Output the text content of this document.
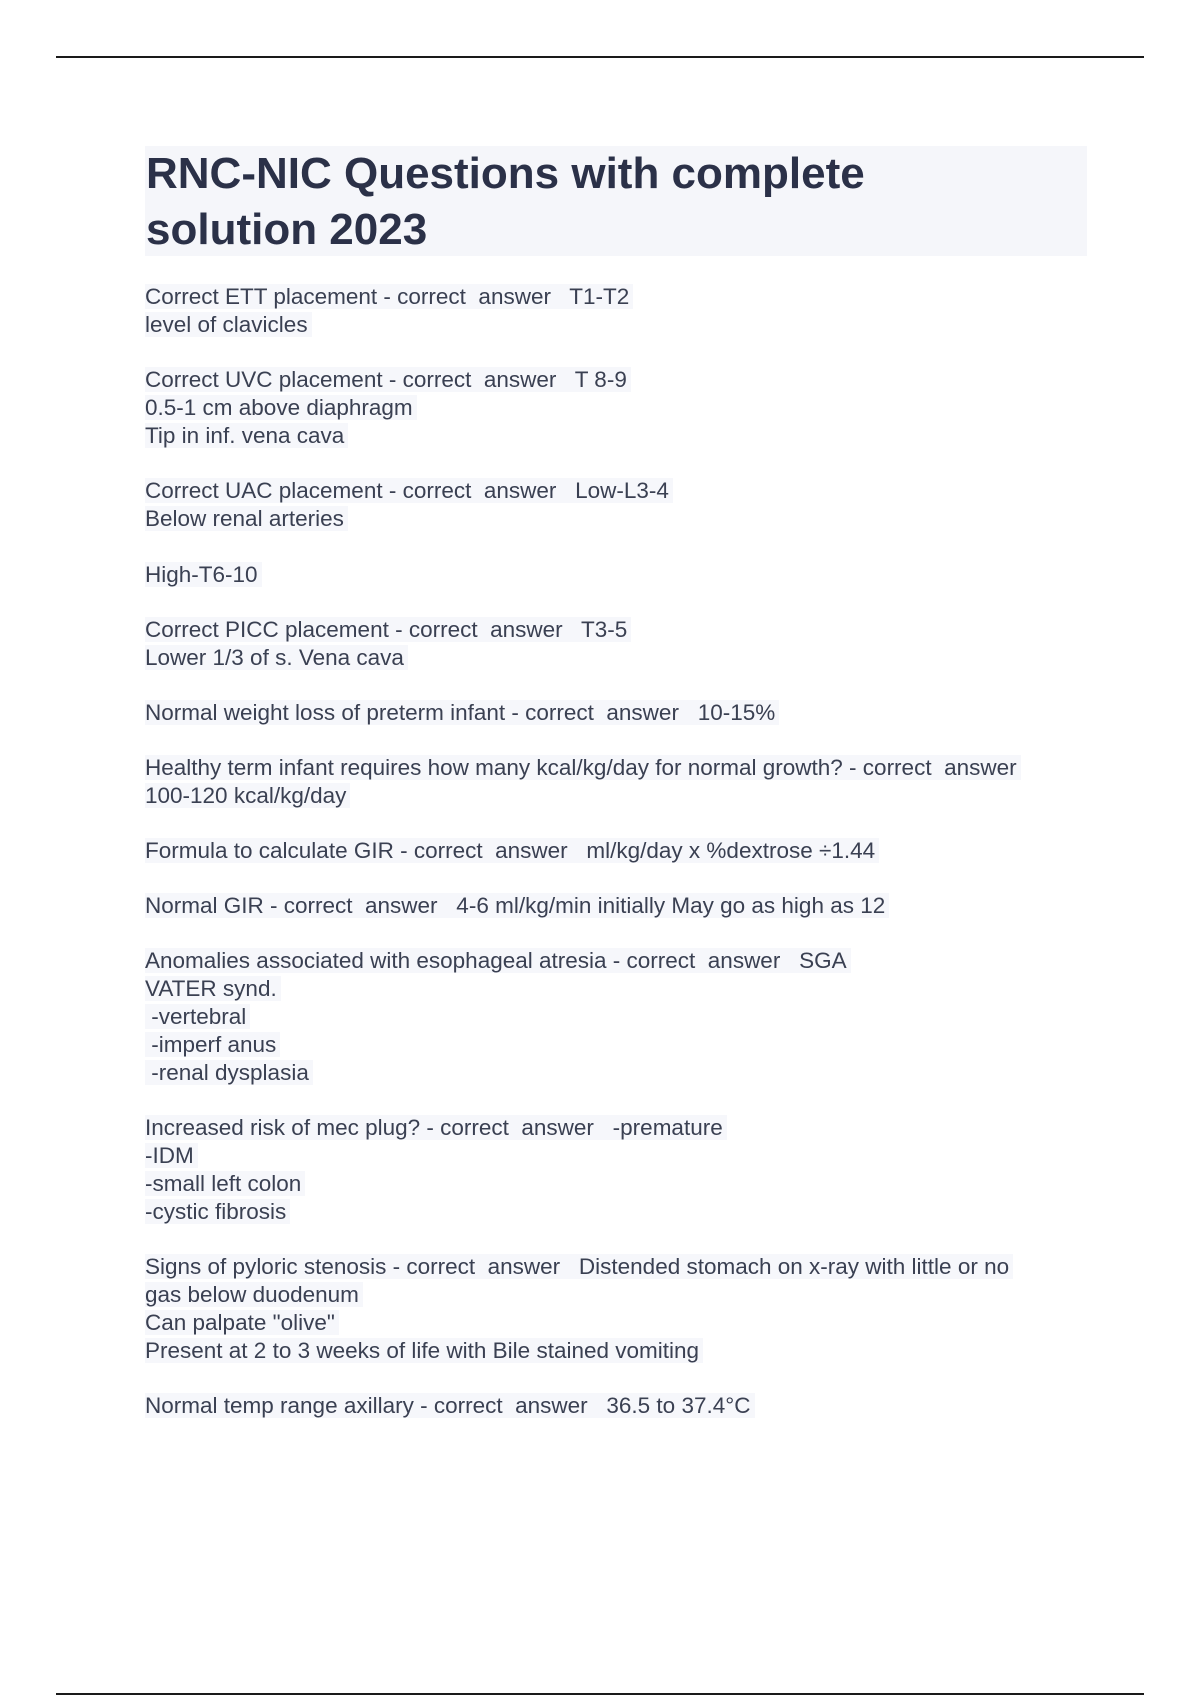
RNC-NIC Questions with complete
solution 2023
Correct ETT placement - correct  answer   T1-T2
level of clavicles
Correct UVC placement - correct  answer   T 8-9
0.5-1 cm above diaphragm
Tip in inf. vena cava
Correct UAC placement - correct  answer   Low-L3-4
Below renal arteries
High-T6-10
Correct PICC placement - correct  answer   T3-5
Lower 1/3 of s. Vena cava
Normal weight loss of preterm infant - correct  answer   10-15%
Healthy term infant requires how many kcal/kg/day for normal growth? - correct  answer
100-120 kcal/kg/day
Formula to calculate GIR - correct  answer   ml/kg/day x %dextrose ÷1.44
Normal GIR - correct  answer   4-6 ml/kg/min initially May go as high as 12
Anomalies associated with esophageal atresia - correct  answer   SGA
VATER synd.
-vertebral
-imperf anus
-renal dysplasia
Increased risk of mec plug? - correct  answer   -premature
-IDM
-small left colon
-cystic fibrosis
Signs of pyloric stenosis - correct  answer   Distended stomach on x-ray with little or no
gas below duodenum
Can palpate "olive"
Present at 2 to 3 weeks of life with Bile stained vomiting
Normal temp range axillary - correct  answer   36.5 to 37.4°C
